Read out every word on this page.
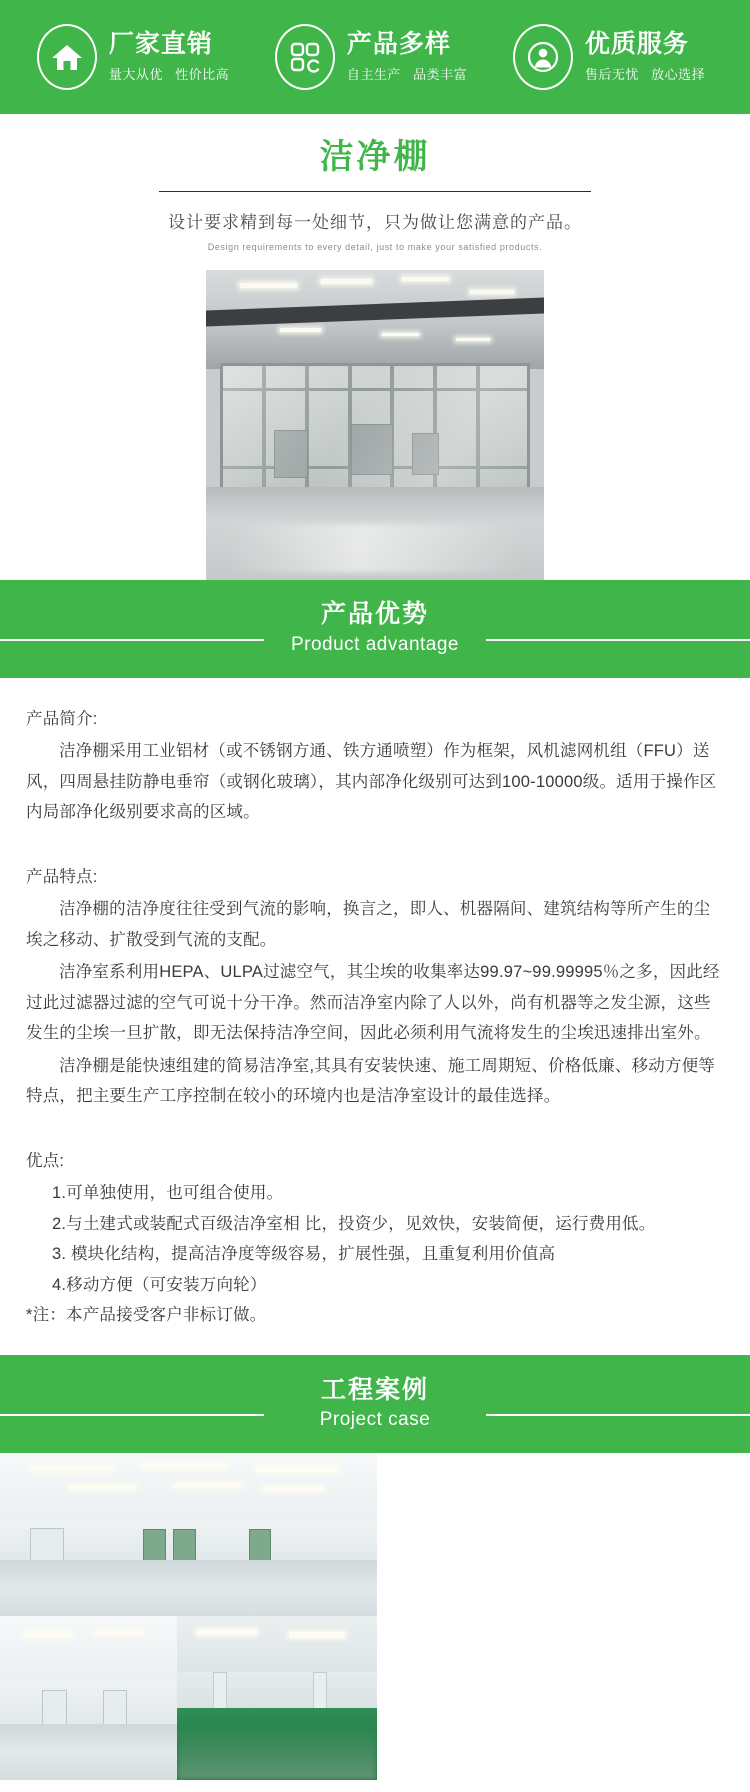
厂家直销
量大从优 性价比高
产品多样
自主生产 品类丰富
优质服务
售后无忧 放心选择
洁净棚
设计要求精到每一处细节，只为做让您满意的产品。
Design requirements to every detail, just to make your satisfied products.
产品优势
Product advantage

产品简介:

洁净棚采用工业铝材（或不锈钢方通、铁方通喷塑）作为框架，风机滤网机组（FFU）送风，四周悬挂防静电垂帘（或钢化玻璃），其内部净化级别可达到100-10000级。适用于操作区内局部净化级别要求高的区域。

产品特点:

洁净棚的洁净度往往受到气流的影响，换言之，即人、机器隔间、建筑结构等所产生的尘埃之移动、扩散受到气流的支配。

洁净室系利用HEPA、ULPA过滤空气，其尘埃的收集率达99.97~99.99995％之多，因此经过此过滤器过滤的空气可说十分干净。然而洁净室内除了人以外，尚有机器等之发尘源，这些发生的尘埃一旦扩散，即无法保持洁净空间，因此必须利用气流将发生的尘埃迅速排出室外。

洁净棚是能快速组建的简易洁净室,其具有安装快速、施工周期短、价格低廉、移动方便等特点，把主要生产工序控制在较小的环境内也是洁净室设计的最佳选择。

优点:

1.可单独使用，也可组合使用。

2.与土建式或装配式百级洁净室相 比，投资少，见效快，安装简便，运行费用低。

3. 模块化结构，提高洁净度等级容易，扩展性强，且重复利用价值高

4.移动方便（可安装万向轮）

*注：本产品接受客户非标订做。

工程案例
Project case
